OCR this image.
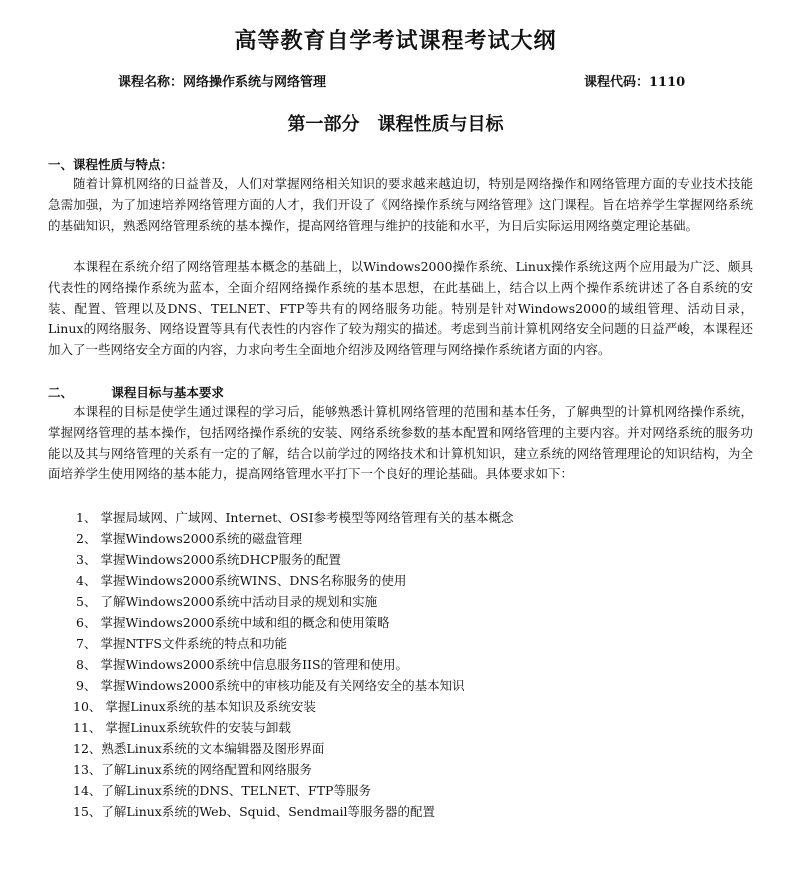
高等教育自学考试课程考试大纲
课程名称：网络操作系统与网络管理	课程代码：1110
第一部分　课程性质与目标
一、课程性质与特点：

随着计算机网络的日益普及，人们对掌握网络相关知识的要求越来越迫切，特别是网络操作和网络管理方面的专业技术技能急需加强，为了加速培养网络管理方面的人才，我们开设了《网络操作系统与网络管理》这门课程。旨在培养学生掌握网络系统的基础知识，熟悉网络管理系统的基本操作，提高网络管理与维护的技能和水平，为日后实际运用网络奠定理论基础。

本课程在系统介绍了网络管理基本概念的基础上，以Windows2000操作系统、Linux操作系统这两个应用最为广泛、颇具代表性的网络操作系统为蓝本，全面介绍网络操作系统的基本思想，在此基础上，结合以上两个操作系统讲述了各自系统的安装、配置、管理以及DNS、TELNET、FTP等共有的网络服务功能。特别是针对Windows2000的域组管理、活动目录，Linux的网络服务、网络设置等具有代表性的内容作了较为翔实的描述。考虑到当前计算机网络安全问题的日益严峻，本课程还加入了一些网络安全方面的内容，力求向考生全面地介绍涉及网络管理与网络操作系统诸方面的内容。

二、	课程目标与基本要求

本课程的目标是使学生通过课程的学习后，能够熟悉计算机网络管理的范围和基本任务，了解典型的计算机网络操作系统，掌握网络管理的基本操作，包括网络操作系统的安装、网络系统参数的基本配置和网络管理的主要内容。并对网络系统的服务功能以及其与网络管理的关系有一定的了解，结合以前学过的网络技术和计算机知识，建立系统的网络管理理论的知识结构，为全面培养学生使用网络的基本能力，提高网络管理水平打下一个良好的理论基础。具体要求如下：

1、 掌握局域网、广域网、Internet、OSI参考模型等网络管理有关的基本概念
2、 掌握Windows2000系统的磁盘管理
3、 掌握Windows2000系统DHCP服务的配置
4、 掌握Windows2000系统WINS、DNS名称服务的使用
5、 了解Windows2000系统中活动目录的规划和实施
6、 掌握Windows2000系统中域和组的概念和使用策略
7、 掌握NTFS文件系统的特点和功能
8、 掌握Windows2000系统中信息服务IIS的管理和使用。
9、 掌握Windows2000系统中的审核功能及有关网络安全的基本知识
10、 掌握Linux系统的基本知识及系统安装
11、 掌握Linux系统软件的安装与卸载
12、熟悉Linux系统的文本编辑器及图形界面
13、了解Linux系统的网络配置和网络服务
14、了解Linux系统的DNS、TELNET、FTP等服务
15、了解Linux系统的Web、Squid、Sendmail等服务器的配置
